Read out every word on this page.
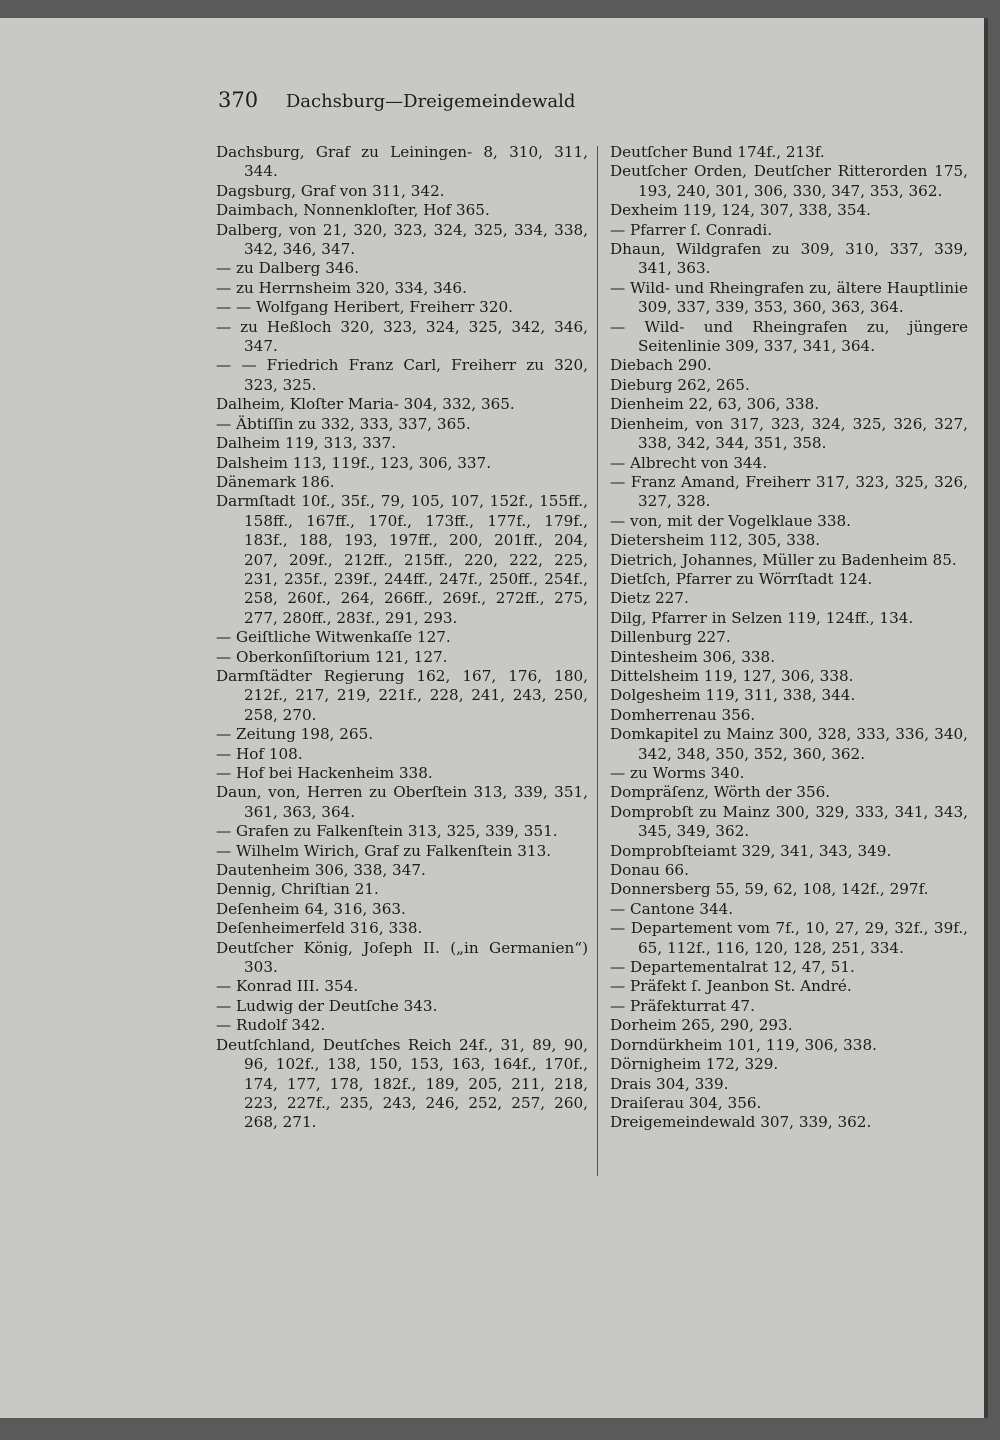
370 Dachsburg—Dreigemeindewald

Dachsburg, Graf zu Leiningen- 8, 310, 311, 344.

Dagsburg, Graf von 311, 342.

Daimbach, Nonnenkloſter, Hof 365.

Dalberg, von 21, 320, 323, 324, 325, 334, 338, 342, 346, 347.

— zu Dalberg 346.

— zu Herrnsheim 320, 334, 346.

— — Wolfgang Heribert, Freiherr 320.

— zu Heßloch 320, 323, 324, 325, 342, 346, 347.

— — Friedrich Franz Carl, Freiherr zu 320, 323, 325.

Dalheim, Kloſter Maria- 304, 332, 365.

— Äbtiſſin zu 332, 333, 337, 365.

Dalheim 119, 313, 337.

Dalsheim 113, 119f., 123, 306, 337.

Dänemark 186.

Darmſtadt 10f., 35f., 79, 105, 107, 152f., 155ff., 158ff., 167ff., 170f., 173ff., 177f., 179f., 183f., 188, 193, 197ff., 200, 201ff., 204, 207, 209f., 212ff., 215ff., 220, 222, 225, 231, 235f., 239f., 244ff., 247f., 250ff., 254f., 258, 260f., 264, 266ff., 269f., 272ff., 275, 277, 280ff., 283f., 291, 293.

— Geiſtliche Witwenkaſſe 127.

— Oberkonſiſtorium 121, 127.

Darmſtädter Regierung 162, 167, 176, 180, 212f., 217, 219, 221f., 228, 241, 243, 250, 258, 270.

— Zeitung 198, 265.

— Hof 108.

— Hof bei Hackenheim 338.

Daun, von, Herren zu Oberſtein 313, 339, 351, 361, 363, 364.

— Grafen zu Falkenſtein 313, 325, 339, 351.

— Wilhelm Wirich, Graf zu Falkenſtein 313.

Dautenheim 306, 338, 347.

Dennig, Chriſtian 21.

Deſenheim 64, 316, 363.

Deſenheimerfeld 316, 338.

Deutſcher König, Joſeph II. („in Germanien“) 303.

— Konrad III. 354.

— Ludwig der Deutſche 343.

— Rudolf 342.

Deutſchland, Deutſches Reich 24f., 31, 89, 90, 96, 102f., 138, 150, 153, 163, 164f., 170f., 174, 177, 178, 182f., 189, 205, 211, 218, 223, 227f., 235, 243, 246, 252, 257, 260, 268, 271.

Deutſcher Bund 174f., 213f.

Deutſcher Orden, Deutſcher Ritterorden 175, 193, 240, 301, 306, 330, 347, 353, 362.

Dexheim 119, 124, 307, 338, 354.

— Pfarrer ſ. Conradi.

Dhaun, Wildgrafen zu 309, 310, 337, 339, 341, 363.

— Wild- und Rheingrafen zu, ältere Hauptlinie 309, 337, 339, 353, 360, 363, 364.

— Wild- und Rheingrafen zu, jüngere Seitenlinie 309, 337, 341, 364.

Diebach 290.

Dieburg 262, 265.

Dienheim 22, 63, 306, 338.

Dienheim, von 317, 323, 324, 325, 326, 327, 338, 342, 344, 351, 358.

— Albrecht von 344.

— Franz Amand, Freiherr 317, 323, 325, 326, 327, 328.

— von, mit der Vogelklaue 338.

Dietersheim 112, 305, 338.

Dietrich, Johannes, Müller zu Badenheim 85.

Dietſch, Pfarrer zu Wörrſtadt 124.

Dietz 227.

Dilg, Pfarrer in Selzen 119, 124ff., 134.

Dillenburg 227.

Dintesheim 306, 338.

Dittelsheim 119, 127, 306, 338.

Dolgesheim 119, 311, 338, 344.

Domherrenau 356.

Domkapitel zu Mainz 300, 328, 333, 336, 340, 342, 348, 350, 352, 360, 362.

— zu Worms 340.

Dompräſenz, Wörth der 356.

Domprobſt zu Mainz 300, 329, 333, 341, 343, 345, 349, 362.

Domprobſteiamt 329, 341, 343, 349.

Donau 66.

Donnersberg 55, 59, 62, 108, 142f., 297f.

— Cantone 344.

— Departement vom 7f., 10, 27, 29, 32f., 39f., 65, 112f., 116, 120, 128, 251, 334.

— Departementalrat 12, 47, 51.

— Präfekt ſ. Jeanbon St. André.

— Präfekturrat 47.

Dorheim 265, 290, 293.

Dorndürkheim 101, 119, 306, 338.

Dörnigheim 172, 329.

Drais 304, 339.

Draiſerau 304, 356.

Dreigemeindewald 307, 339, 362.
